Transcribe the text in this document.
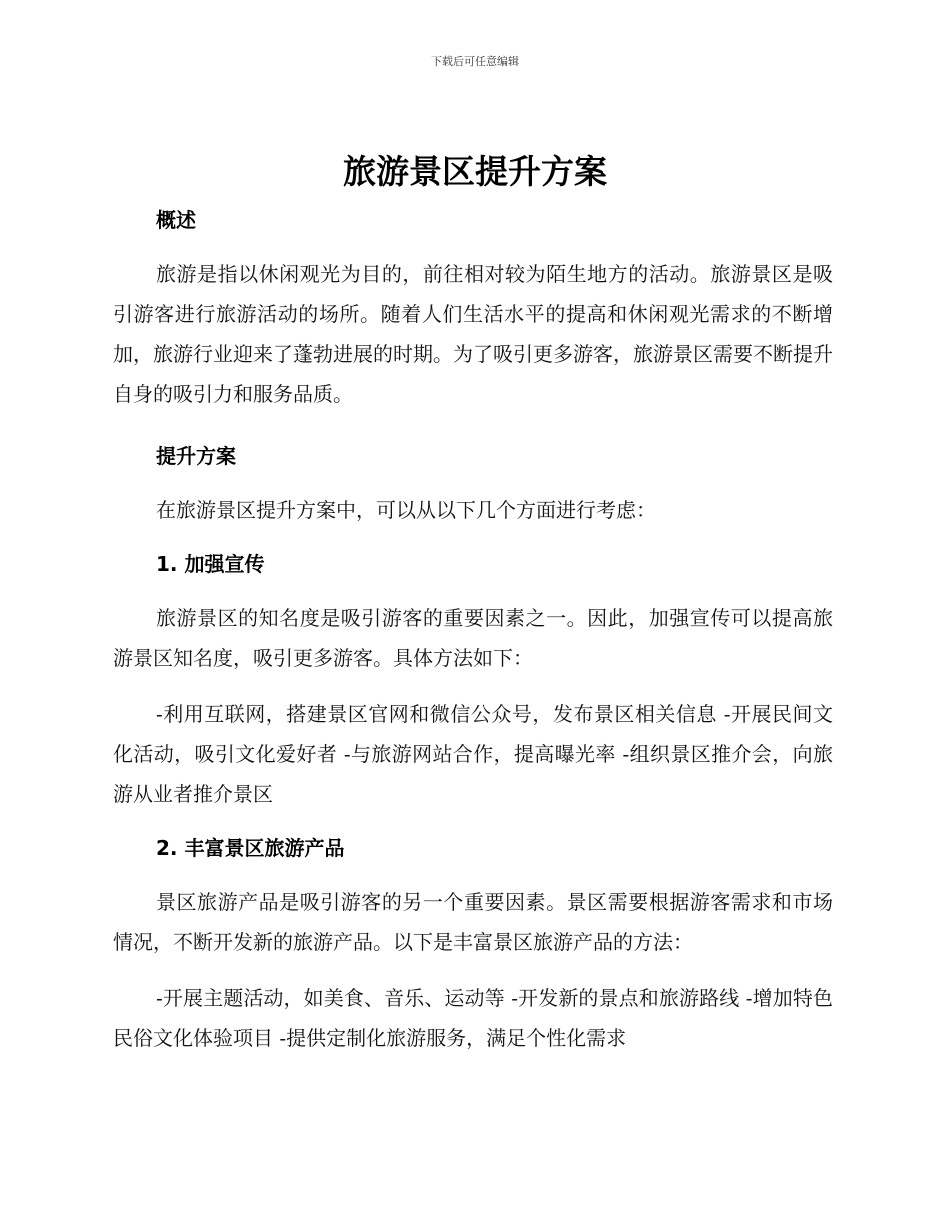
下载后可任意编辑
旅游景区提升方案
概述

旅游是指以休闲观光为目的，前往相对较为陌生地方的活动。旅游景区是吸引游客进行旅游活动的场所。随着人们生活水平的提高和休闲观光需求的不断增加，旅游行业迎来了蓬勃进展的时期。为了吸引更多游客，旅游景区需要不断提升自身的吸引力和服务品质。

提升方案

在旅游景区提升方案中，可以从以下几个方面进行考虑：

1. 加强宣传

旅游景区的知名度是吸引游客的重要因素之一。因此，加强宣传可以提高旅游景区知名度，吸引更多游客。具体方法如下：

-利用互联网，搭建景区官网和微信公众号，发布景区相关信息 -开展民间文化活动，吸引文化爱好者 -与旅游网站合作，提高曝光率 -组织景区推介会，向旅游从业者推介景区

2. 丰富景区旅游产品

景区旅游产品是吸引游客的另一个重要因素。景区需要根据游客需求和市场情况，不断开发新的旅游产品。以下是丰富景区旅游产品的方法：

-开展主题活动，如美食、音乐、运动等 -开发新的景点和旅游路线 -增加特色民俗文化体验项目 -提供定制化旅游服务，满足个性化需求
